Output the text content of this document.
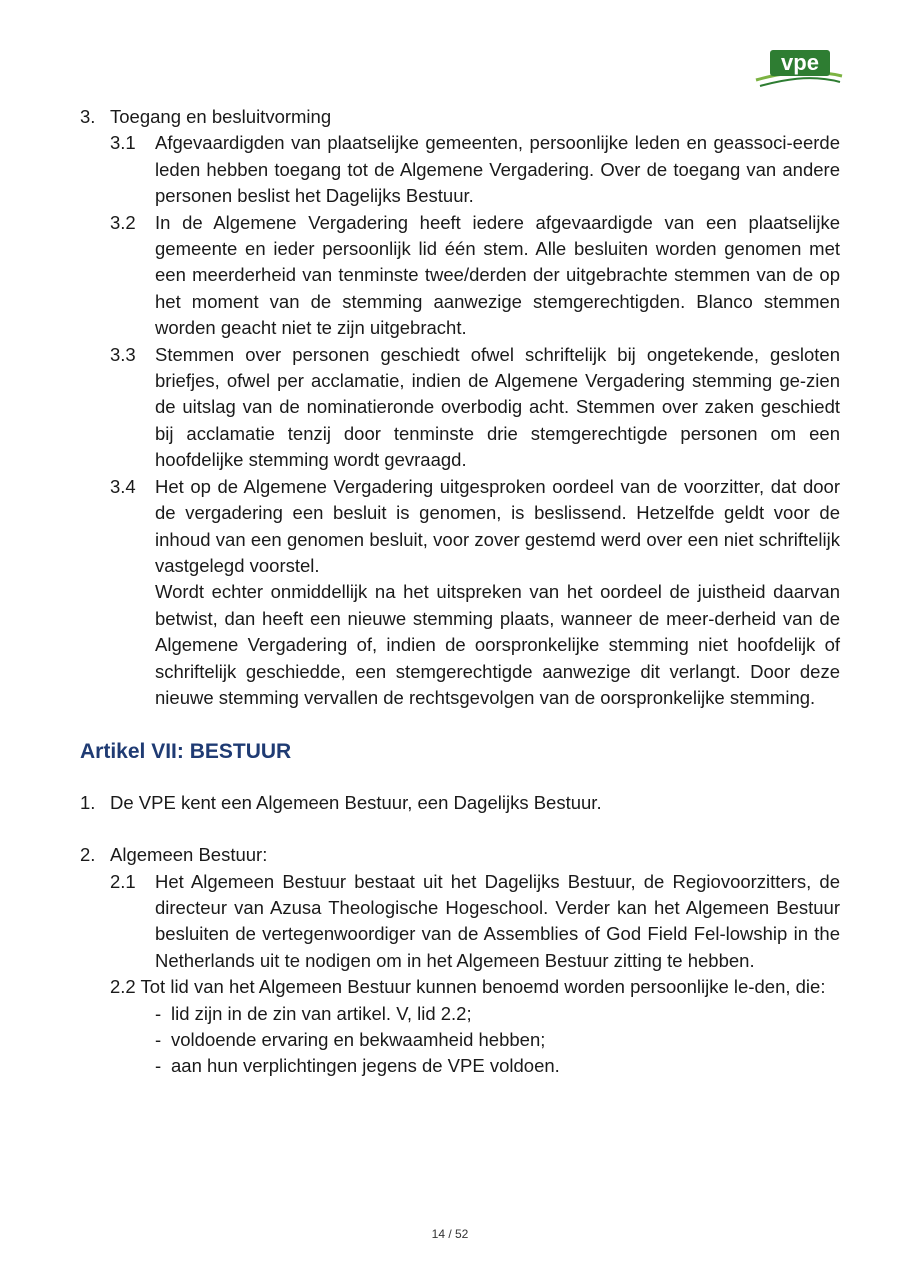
vpe
3. Toegang en besluitvorming
3.1 Afgevaardigden van plaatselijke gemeenten, persoonlijke leden en geassoci-eerde leden hebben toegang tot de Algemene Vergadering. Over de toegang van andere personen beslist het Dagelijks Bestuur.
3.2 In de Algemene Vergadering heeft iedere afgevaardigde van een plaatselijke gemeente en ieder persoonlijk lid één stem. Alle besluiten worden genomen met een meerderheid van tenminste twee/derden der uitgebrachte stemmen van de op het moment van de stemming aanwezige stemgerechtigden. Blanco stemmen worden geacht niet te zijn uitgebracht.
3.3 Stemmen over personen geschiedt ofwel schriftelijk bij ongetekende, gesloten briefjes, ofwel per acclamatie, indien de Algemene Vergadering stemming ge-zien de uitslag van de nominatieronde overbodig acht. Stemmen over zaken geschiedt bij acclamatie tenzij door tenminste drie stemgerechtigde personen om een hoofdelijke stemming wordt gevraagd.
3.4 Het op de Algemene Vergadering uitgesproken oordeel van de voorzitter, dat door de vergadering een besluit is genomen, is beslissend. Hetzelfde geldt voor de inhoud van een genomen besluit, voor zover gestemd werd over een niet schriftelijk vastgelegd voorstel.
Wordt echter onmiddellijk na het uitspreken van het oordeel de juistheid daarvan betwist, dan heeft een nieuwe stemming plaats, wanneer de meer-derheid van de Algemene Vergadering of, indien de oorspronkelijke stemming niet hoofdelijk of schriftelijk geschiedde, een stemgerechtigde aanwezige dit verlangt. Door deze nieuwe stemming vervallen de rechtsgevolgen van de oorspronkelijke stemming.
Artikel VII: BESTUUR
1. De VPE kent een Algemeen Bestuur, een Dagelijks Bestuur.
2. Algemeen Bestuur:
2.1 Het Algemeen Bestuur bestaat uit het Dagelijks Bestuur, de Regiovoorzitters, de directeur van Azusa Theologische Hogeschool. Verder kan het Algemeen Bestuur besluiten de vertegenwoordiger van de Assemblies of God Field Fel-lowship in the Netherlands uit te nodigen om in het Algemeen Bestuur zitting te hebben.
2.2 Tot lid van het Algemeen Bestuur kunnen benoemd worden persoonlijke le-den, die:
- lid zijn in de zin van artikel. V, lid 2.2;
- voldoende ervaring en bekwaamheid hebben;
- aan hun verplichtingen jegens de VPE voldoen.
14 / 52
